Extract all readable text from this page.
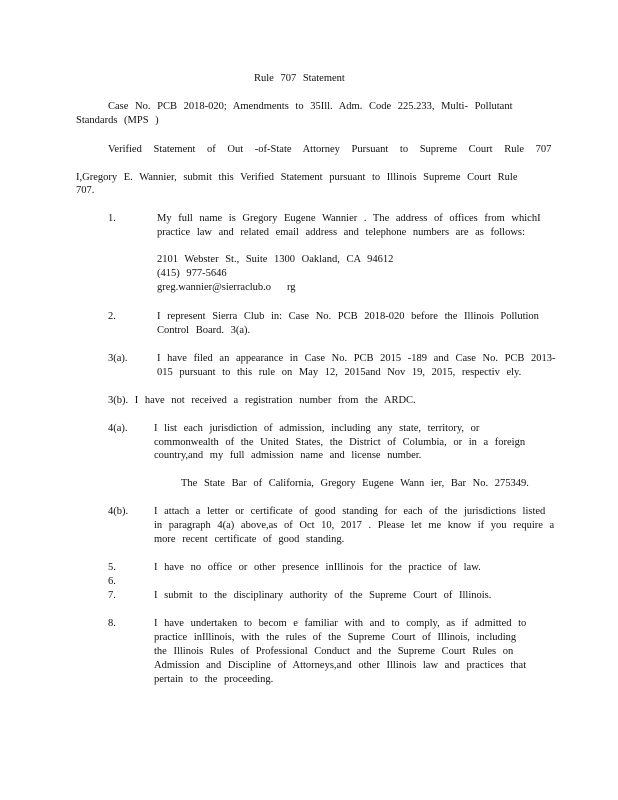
Rule 707 Statement
Case No. PCB 2018-020; Amendments to 35Ill. Adm. Code 225.233, Multi- Pollutant
Standards (MPS )
Verified Statement of Out -of-State Attorney Pursuant to Supreme Court Rule 707
I,Gregory E. Wannier, submit this Verified Statement pursuant to Illinois Supreme Court Rule
707.
1.	My full name is Gregory Eugene Wannier . The address of offices from whichI
practice law and related email address and telephone numbers are as follows:
2101 Webster St., Suite 1300 Oakland, CA 94612
(415) 977-5646
greg.wannier@sierraclub.o rg
2.	I represent Sierra Club in: Case No. PCB 2018-020 before the Illinois Pollution
Control Board. 3(a).
3(a).	I have filed an appearance in Case No. PCB 2015 -189 and Case No. PCB 2013-
015 pursuant to this rule on May 12, 2015and Nov 19, 2015, respectiv ely.
3(b). I have not received a registration number from the ARDC.
4(a).	I list each jurisdiction of admission, including any state, territory, or
commonwealth of the United States, the District of Columbia, or in a foreign
country,and my full admission name and license number.
The State Bar of California, Gregory Eugene Wann ier, Bar No. 275349.
4(b). I attach a letter or certificate of good standing for each of the jurisdictions listed
in paragraph 4(a) above,as of Oct 10, 2017 . Please let me know if you require a
more recent certificate of good standing.
5.	I have no office or other presence inIllinois for the practice of law.
6.
7.	I submit to the disciplinary authority of the Supreme Court of Illinois.
8.	I have undertaken to becom e familiar with and to comply, as if admitted to
practice inIllinois, with the rules of the Supreme Court of Illinois, including
the Illinois Rules of Professional Conduct and the Supreme Court Rules on
Admission and Discipline of Attorneys,and other Illinois law and practices that
pertain to the proceeding.
